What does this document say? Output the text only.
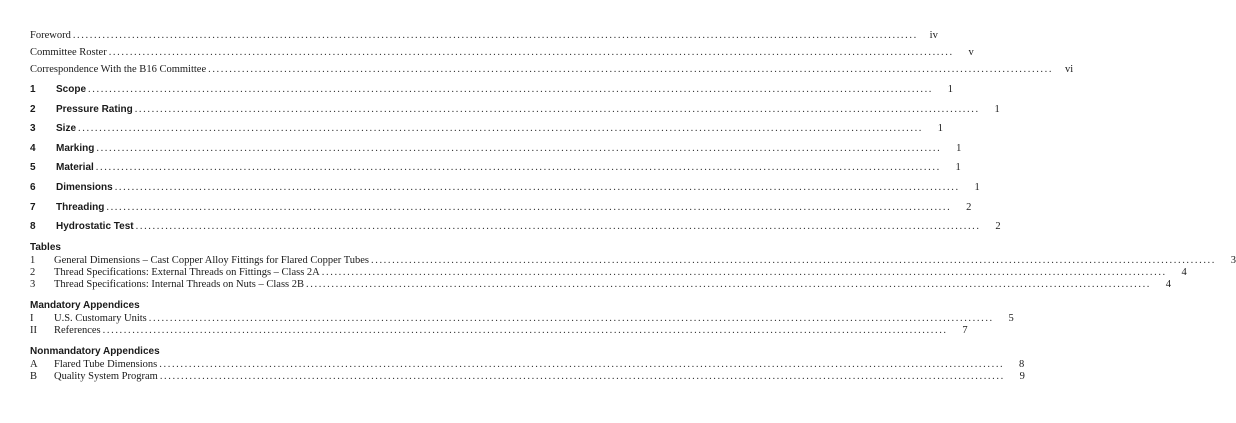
Foreword ........................................................................................................................................................................................................	iv
Committee Roster ........................................................................................................................................................................................................	v
Correspondence With the B16 Committee ........................................................................................................................................................................................................	vi
1	Scope ........................................................................................................................................................................................................	1
2	Pressure Rating ........................................................................................................................................................................................................	1
3	Size ........................................................................................................................................................................................................	1
4	Marking ........................................................................................................................................................................................................	1
5	Material ........................................................................................................................................................................................................	1
6	Dimensions ........................................................................................................................................................................................................	1
7	Threading ........................................................................................................................................................................................................	2
8	Hydrostatic Test ........................................................................................................................................................................................................	2
Tables
1	General Dimensions – Cast Copper Alloy Fittings for Flared Copper Tubes ........................................................................................................................................................................................................	3
2	Thread Specifications: External Threads on Fittings – Class 2A ........................................................................................................................................................................................................	4
3	Thread Specifications: Internal Threads on Nuts – Class 2B ........................................................................................................................................................................................................	4
Mandatory Appendices
I	U.S. Customary Units ........................................................................................................................................................................................................	5
II	References ........................................................................................................................................................................................................	7
Nonmandatory Appendices
A	Flared Tube Dimensions ........................................................................................................................................................................................................	8
B	Quality System Program ........................................................................................................................................................................................................	9
